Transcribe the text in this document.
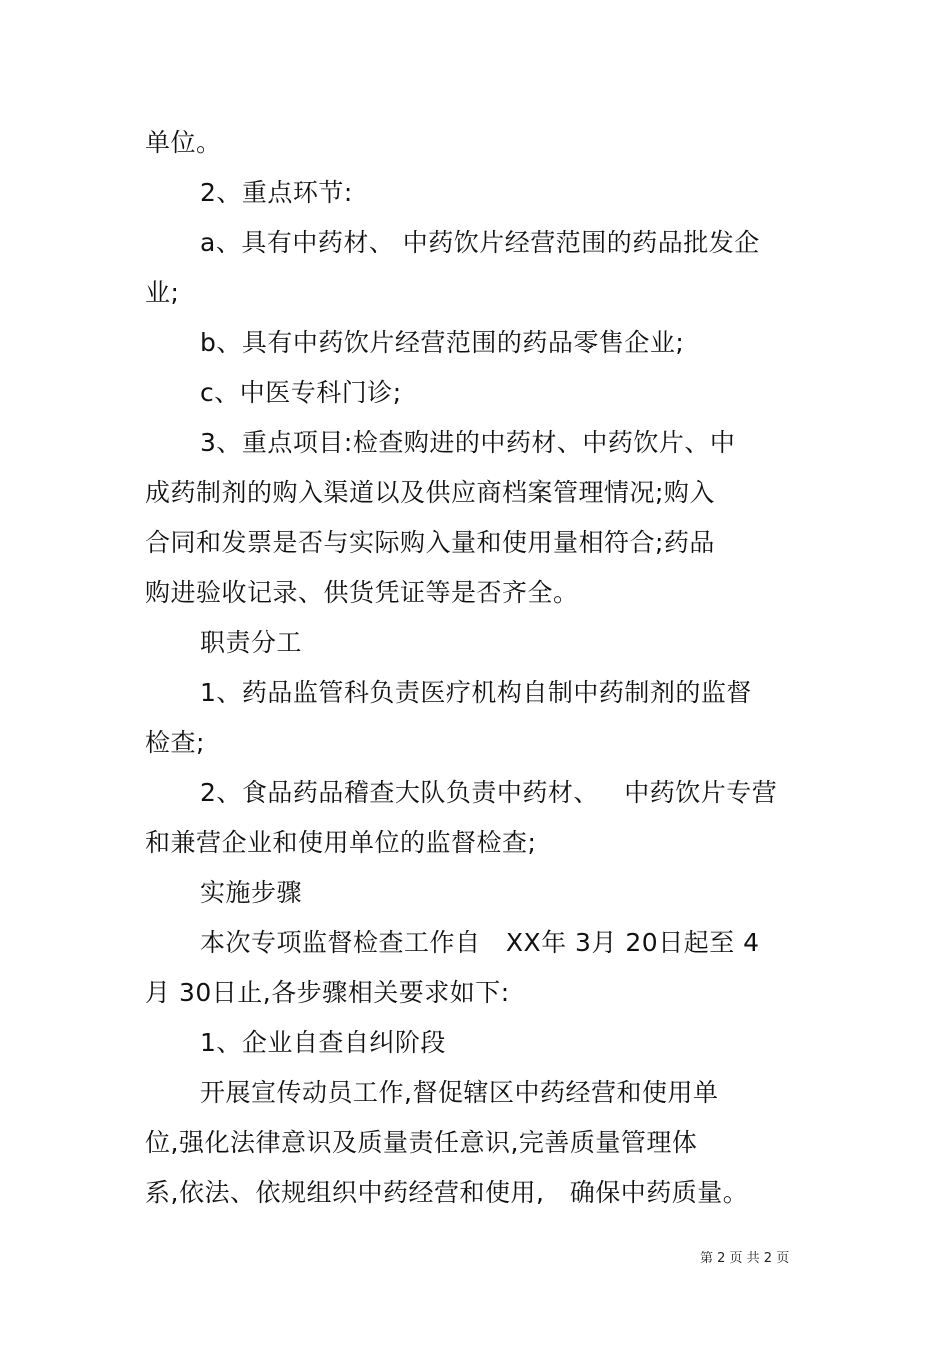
单位。
2、重点环节:
a、具有中药材、 中药饮片经营范围的药品批发企
业;
b、具有中药饮片经营范围的药品零售企业;
c、中医专科门诊;
3、重点项目:检查购进的中药材、中药饮片、中
成药制剂的购入渠道以及供应商档案管理情况;购入
合同和发票是否与实际购入量和使用量相符合;药品
购进验收记录、供货凭证等是否齐全。
职责分工
1、药品监管科负责医疗机构自制中药制剂的监督
检查;
2、食品药品稽查大队负责中药材、   中药饮片专营
和兼营企业和使用单位的监督检查;
实施步骤
本次专项监督检查工作自   XX年 3月 20日起至 4
月 30日止,各步骤相关要求如下:
1、企业自查自纠阶段
开展宣传动员工作,督促辖区中药经营和使用单
位,强化法律意识及质量责任意识,完善质量管理体
系,依法、依规组织中药经营和使用,   确保中药质量。
第 2 页 共 2 页
